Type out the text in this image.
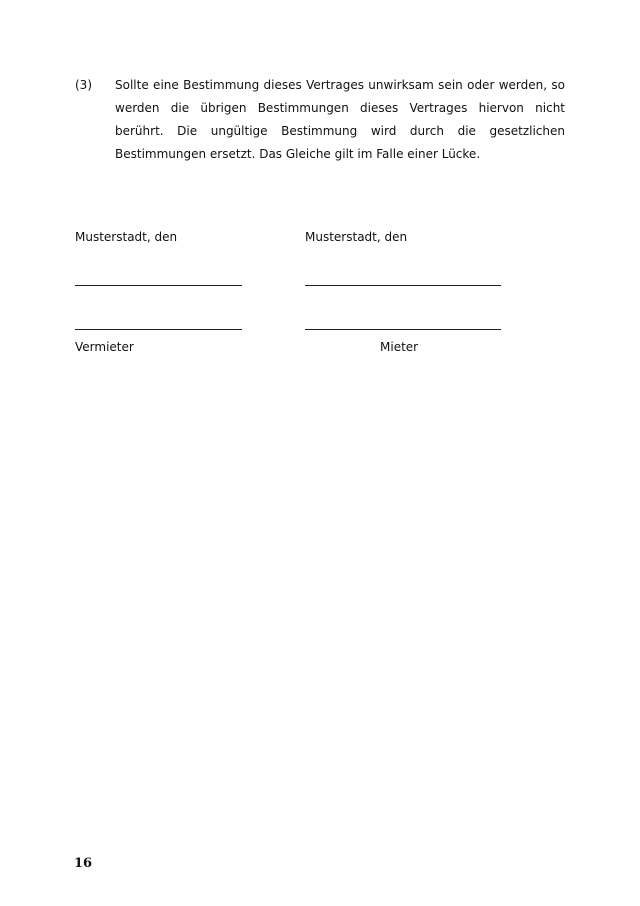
(3)	Sollte eine Bestimmung dieses Vertrages unwirksam sein oder werden, so werden die übrigen Bestimmungen dieses Vertrages hiervon nicht berührt. Die ungültige Bestimmung wird durch die gesetzlichen Bestimmungen ersetzt. Das Gleiche gilt im Falle einer Lücke.
Musterstadt, den	Musterstadt, den
Vermieter	Mieter
16
